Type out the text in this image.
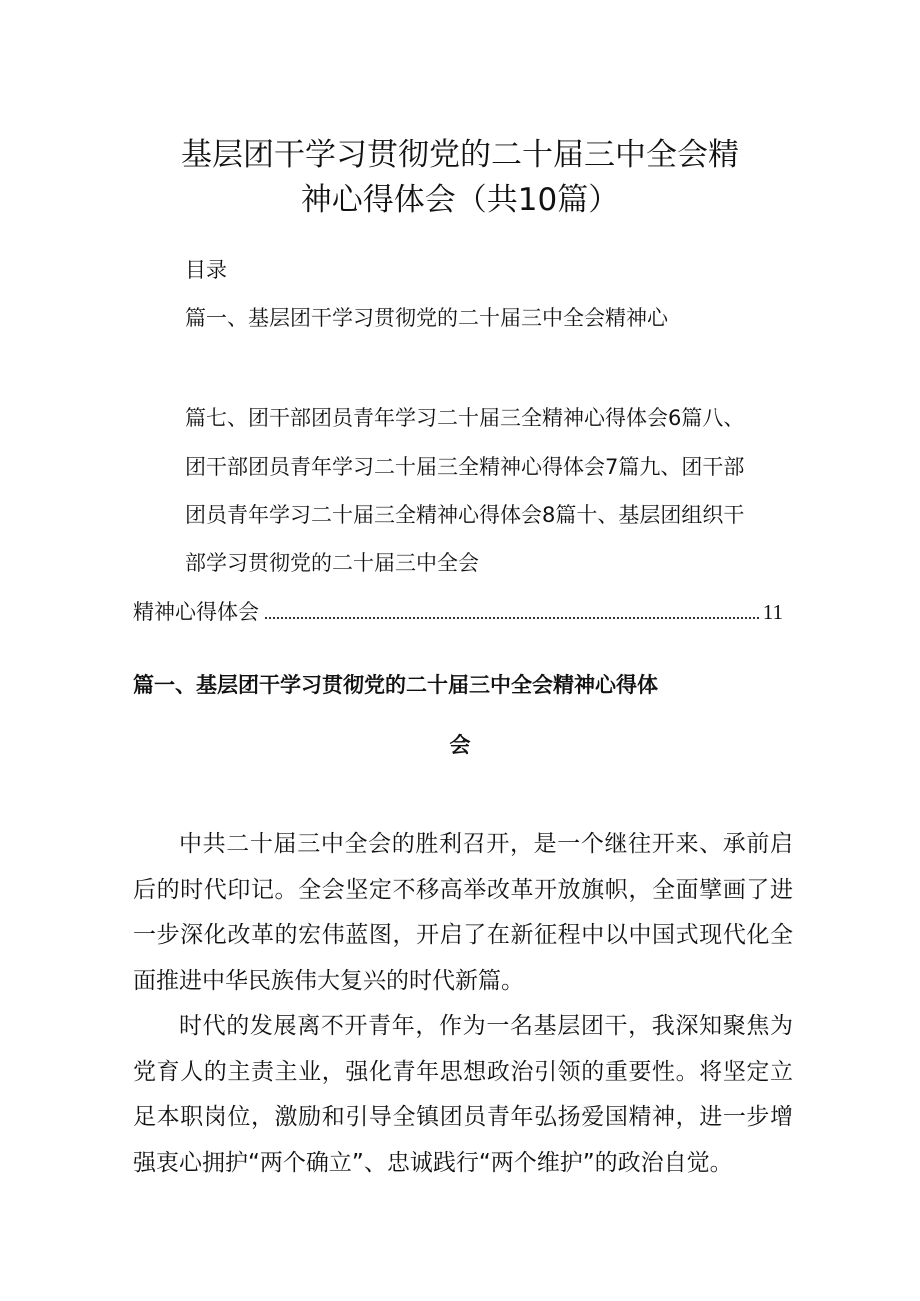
基层团干学习贯彻党的二十届三中全会精
神心得体会（共10篇）
目录
篇一、基层团干学习贯彻党的二十届三中全会精神心
篇七、团干部团员青年学习二十届三全精神心得体会6篇八、
团干部团员青年学习二十届三全精神心得体会7篇九、团干部
团员青年学习二十届三全精神心得体会8篇十、基层团组织干
部学习贯彻党的二十届三中全会
精神心得体会	11
篇一、基层团干学习贯彻党的二十届三中全会精神心得体
会

中共二十届三中全会的胜利召开，是一个继往开来、承前启后的时代印记。全会坚定不移高举改革开放旗帜，全面擘画了进一步深化改革的宏伟蓝图，开启了在新征程中以中国式现代化全面推进中华民族伟大复兴的时代新篇。

时代的发展离不开青年，作为一名基层团干，我深知聚焦为党育人的主责主业，强化青年思想政治引领的重要性。将坚定立足本职岗位，激励和引导全镇团员青年弘扬爱国精神，进一步增强衷心拥护“两个确立”、忠诚践行“两个维护”的政治自觉。
